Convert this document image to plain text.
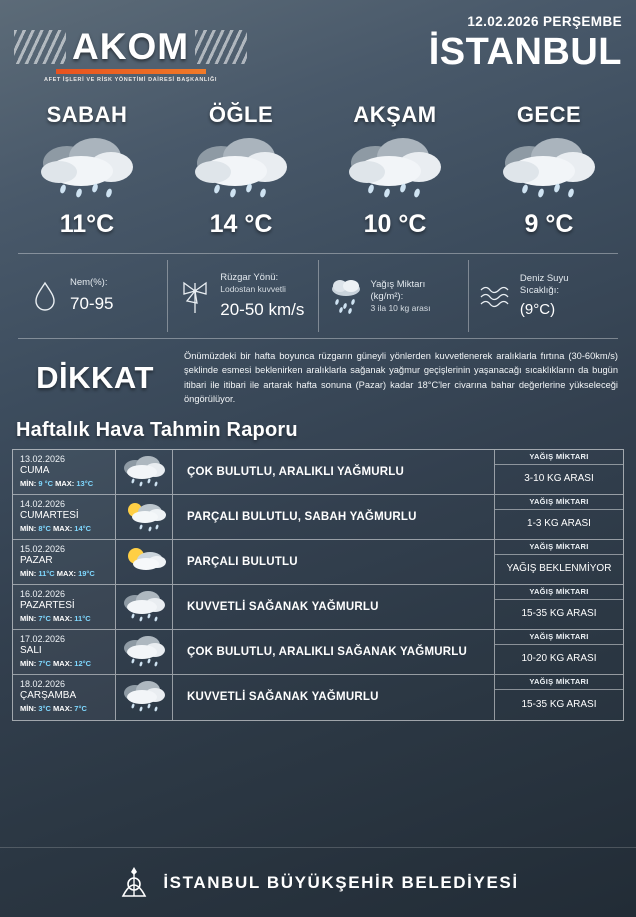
AKOM
AFET İŞLERİ VE RİSK YÖNETİMİ DAİRESİ BAŞKANLIĞI
12.02.2026 PERŞEMBE
İSTANBUL
SABAH
11°C
ÖĞLE
14 °C
AKŞAM
10 °C
GECE
9 °C
Nem(%):
70-95
Rüzgar Yönü:
Lodostan kuvvetli
20-50 km/s
Yağış Miktarı (kg/m²):
3 ila 10 kg arası
Deniz Suyu Sıcaklığı:
(9°C)
DİKKAT
Önümüzdeki bir hafta boyunca rüzgarın güneyli yönlerden kuvvetlenerek aralıklarla fırtına (30-60km/s) şeklinde esmesi beklenirken aralıklarla sağanak yağmur geçişlerinin yaşanacağı sıcaklıkların da bugün itibari ile itibari ile artarak hafta sonuna (Pazar) kadar 18°C'ler civarına bahar değerlerine yükseleceği öngörülüyor.
Haftalık Hava Tahmin Raporu
13.02.2026
CUMA
MİN: 9 °C MAX: 13°C
ÇOK BULUTLU, ARALIKLI YAĞMURLU
YAĞIŞ MİKTARI
3-10 KG ARASI
14.02.2026
CUMARTESİ
MİN: 8°C MAX: 14°C
PARÇALI BULUTLU, SABAH YAĞMURLU
YAĞIŞ MİKTARI
1-3 KG ARASI
15.02.2026
PAZAR
MİN: 11°C MAX: 19°C
PARÇALI BULUTLU
YAĞIŞ MİKTARI
YAĞIŞ BEKLENMİYOR
16.02.2026
PAZARTESİ
MİN: 7°C MAX: 11°C
KUVVETLİ SAĞANAK YAĞMURLU
YAĞIŞ MİKTARI
15-35 KG ARASI
17.02.2026
SALI
MİN: 7°C MAX: 12°C
ÇOK BULUTLU, ARALIKLI SAĞANAK YAĞMURLU
YAĞIŞ MİKTARI
10-20 KG ARASI
18.02.2026
ÇARŞAMBA
MİN: 3°C MAX: 7°C
KUVVETLİ SAĞANAK YAĞMURLU
YAĞIŞ MİKTARI
15-35 KG ARASI
İSTANBUL BÜYÜKŞEHİR BELEDİYESİ
